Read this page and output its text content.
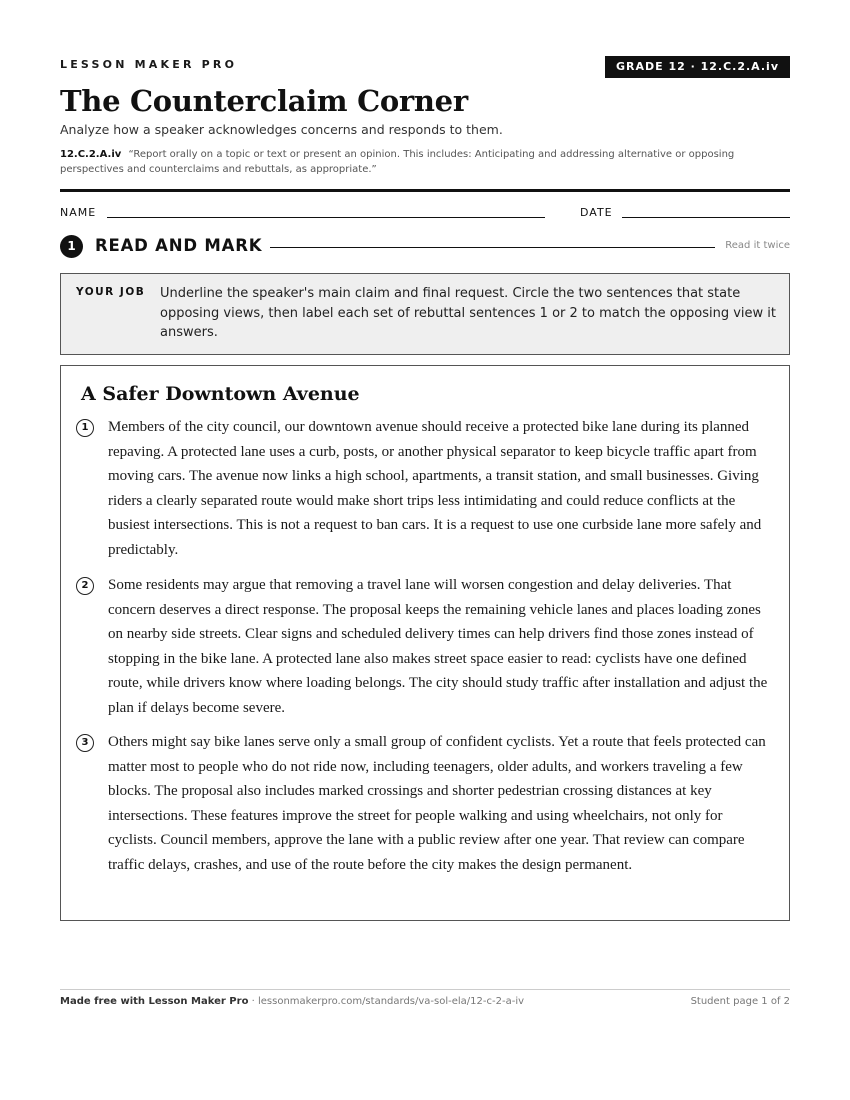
LESSON MAKER PRO	GRADE 12 · 12.C.2.A.iv
The Counterclaim Corner
Analyze how a speaker acknowledges concerns and responds to them.
12.C.2.A.iv “Report orally on a topic or text or present an opinion. This includes: Anticipating and addressing alternative or opposing perspectives and counterclaims and rebuttals, as appropriate.”
NAME	DATE
1	READ AND MARK	Read it twice
YOUR JOB Underline the speaker's main claim and final request. Circle the two sentences that state opposing views, then label each set of rebuttal sentences 1 or 2 to match the opposing view it answers.
A Safer Downtown Avenue
1	Members of the city council, our downtown avenue should receive a protected bike lane during its planned repaving. A protected lane uses a curb, posts, or another physical separator to keep bicycle traffic apart from moving cars. The avenue now links a high school, apartments, a transit station, and small businesses. Giving riders a clearly separated route would make short trips less intimidating and could reduce conflicts at the busiest intersections. This is not a request to ban cars. It is a request to use one curbside lane more safely and predictably.
2	Some residents may argue that removing a travel lane will worsen congestion and delay deliveries. That concern deserves a direct response. The proposal keeps the remaining vehicle lanes and places loading zones on nearby side streets. Clear signs and scheduled delivery times can help drivers find those zones instead of stopping in the bike lane. A protected lane also makes street space easier to read: cyclists have one defined route, while drivers know where loading belongs. The city should study traffic after installation and adjust the plan if delays become severe.
3	Others might say bike lanes serve only a small group of confident cyclists. Yet a route that feels protected can matter most to people who do not ride now, including teenagers, older adults, and workers traveling a few blocks. The proposal also includes marked crossings and shorter pedestrian crossing distances at key intersections. These features improve the street for people walking and using wheelchairs, not only for cyclists. Council members, approve the lane with a public review after one year. That review can compare traffic delays, crashes, and use of the route before the city makes the design permanent.
Made free with Lesson Maker Pro · lessonmakerpro.com/standards/va-sol-ela/12-c-2-a-iv	Student page 1 of 2
